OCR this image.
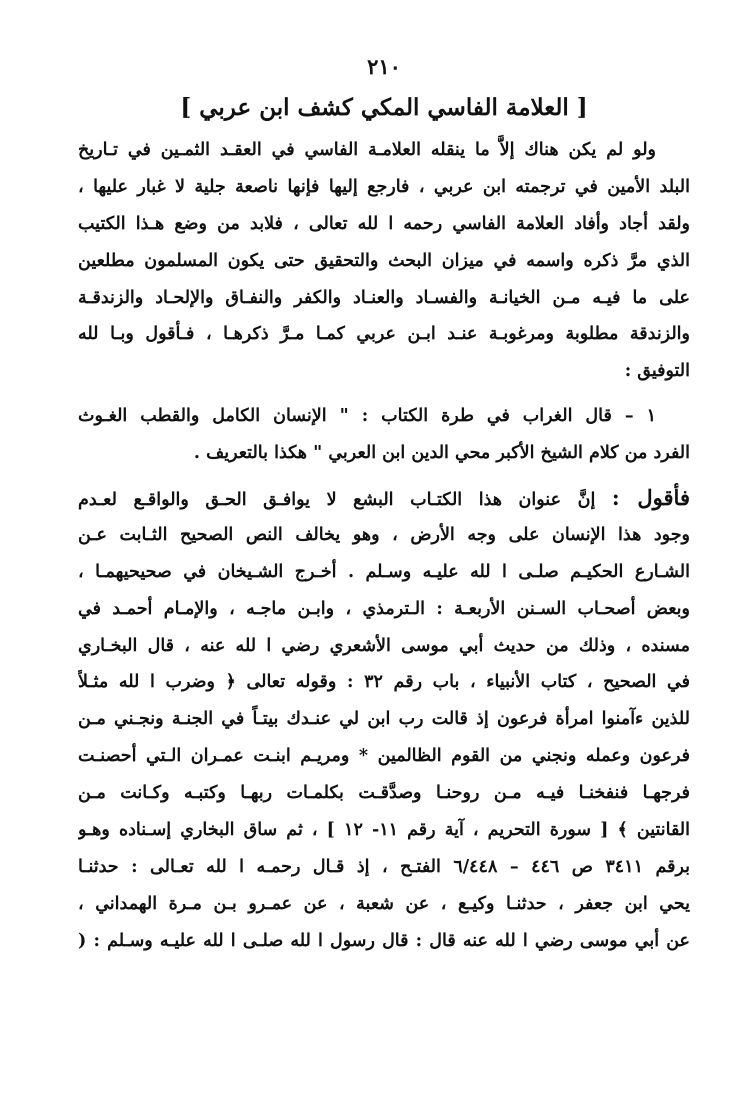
٢١٠
[ العلامة الفاسي المكي كشف ابن عربي ]
ولو لم يكن هناك إلاَّ ما ينقله العلامـة الفاسي في العقـد الثمـين في تـاريخ
البلد الأمين في ترجمته ابن عربي ، فارجع إليها فإنها ناصعة جلية لا غبار عليها ،
ولقد أجاد وأفاد العلامة الفاسي رحمه ا لله تعالى ، فلابد من وضع هـذا الكتيب
الذي مرَّ ذكره واسمه في ميزان البحث والتحقيق حتى يكون المسلمون مطلعين
على ما فيـه مـن الخيانـة والفسـاد والعنـاد والكفر والنفـاق والإلحـاد والزندقـة
والزندقة مطلوبة ومرغوبـة عنـد ابـن عربي كمـا مـرَّ ذكرهـا ، فـأقول وبـا لله
التوفيق :
١ – قال الغراب في طرة الكتاب : " الإنسان الكامل والقطب الغـوث
الفرد من كلام الشيخ الأكبر محي الدين ابن العربي " هكذا بالتعريف .
فأقول : إنَّ عنوان هذا الكتـاب البشع لا يوافـق الحـق والواقـع لعـدم
وجود هذا الإنسان على وجه الأرض ، وهو يخالف النص الصحيح الثـابت عـن
الشـارع الحكيـم صلـى ا لله عليـه وسـلم . أخـرج الشـيخان في صحيحيهمـا ،
وبعض أصحـاب السـنن الأربعـة : الـترمذي ، وابـن ماجـه ، والإمـام أحمـد في
مسنده ، وذلك من حديث أبي موسى الأشعري رضي ا لله عنه ، قال البخـاري
في الصحيح ، كتاب الأنبياء ، باب رقم ٣٢ : وقوله تعالى ﴿ وضرب ا لله مثـلاً
للذين ءآمنوا امرأة فرعون إذ قالت رب ابن لي عنـدك بيتـاً في الجنـة ونجـني مـن
فرعون وعمله ونجني من القوم الظالمين * ومريـم ابنـت عمـران الـتي أحصنـت
فرجهـا فنفخنـا فيـه مـن روحنـا وصدَّقـت بكلمـات ربهـا وكتبـه وكـانت مـن
القانتين ﴾ [ سورة التحريم ، آية رقم ١١- ١٢ ] ، ثم ساق البخاري إسـناده وهـو
برقم ٣٤١١ ص ٤٤٦ – ٦/٤٤٨ الفتـح ، إذ قـال رحمـه ا لله تعـالى : حدثنـا
يحي ابن جعفر ، حدثنـا وكيـع ، عن شعبة ، عن عمـرو بـن مـرة الهمداني ،
عن أبي موسى رضي ا لله عنه قال : قال رسول ا لله صلـى ا لله عليـه وسـلم : (
